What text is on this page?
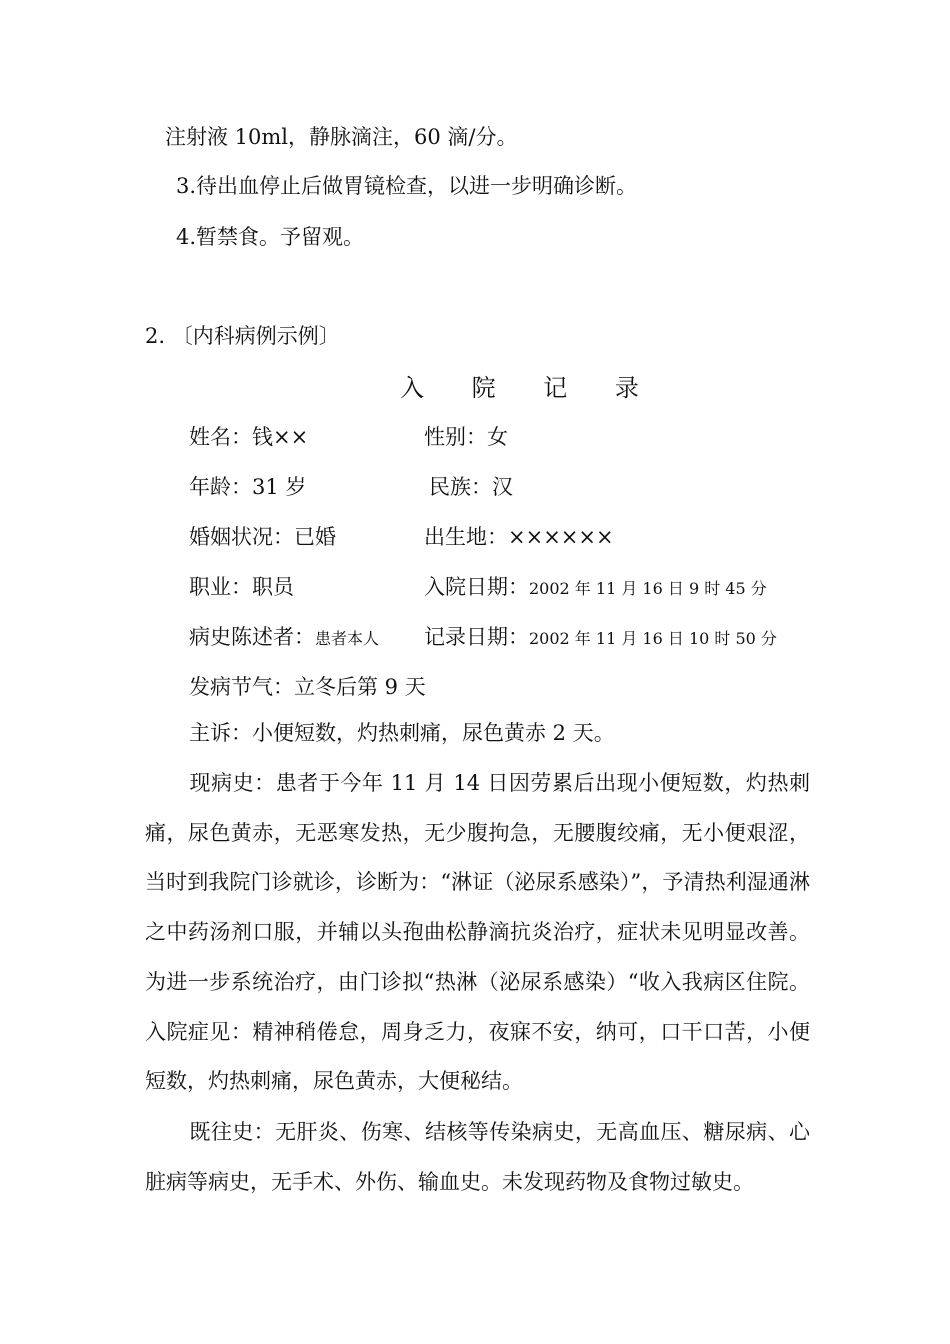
注射液 10ml，静脉滴注，60 滴/分。
3.待出血停止后做胃镜检查，以进一步明确诊断。
4.暂禁食。予留观。
2. 〔内科病例示例〕
入 院 记 录
姓名：钱××	性别：女
年龄：31 岁	民族：汉
婚姻状况：已婚	出生地：××××××
职业：职员	入院日期：2002 年 11 月 16 日 9 时 45 分
病史陈述者：患者本人 记录日期：2002 年 11 月 16 日 10 时 50 分
发病节气：立冬后第 9 天
主诉：小便短数，灼热刺痛，尿色黄赤 2 天。
现病史：患者于今年 11 月 14 日因劳累后出现小便短数，灼热刺痛，尿色黄赤，无恶寒发热，无少腹拘急，无腰腹绞痛，无小便艰涩，当时到我院门诊就诊，诊断为：“淋证（泌尿系感染）”，予清热利湿通淋之中药汤剂口服，并辅以头孢曲松静滴抗炎治疗，症状未见明显改善。为进一步系统治疗，由门诊拟“热淋（泌尿系感染）“收入我病区住院。入院症见：精神稍倦怠，周身乏力，夜寐不安，纳可，口干口苦，小便短数，灼热刺痛，尿色黄赤，大便秘结。
既往史：无肝炎、伤寒、结核等传染病史，无高血压、糖尿病、心脏病等病史，无手术、外伤、输血史。未发现药物及食物过敏史。
